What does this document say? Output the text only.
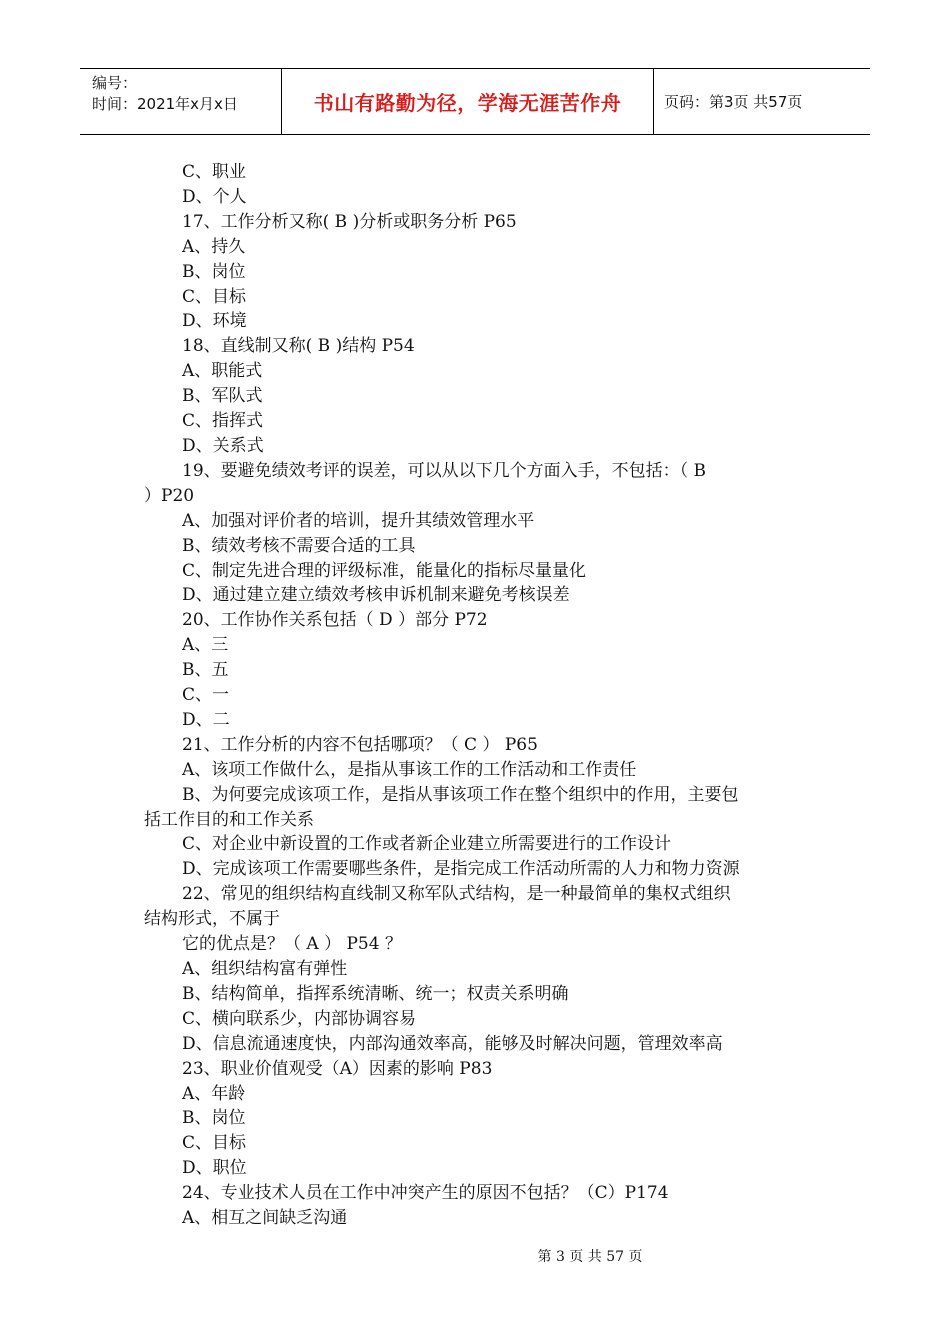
编号：
时间：2021年x月x日	书山有路勤为径，学海无涯苦作舟	页码：第3页 共57页
C、职业
D、个人
17、工作分析又称( B )分析或职务分析 P65
A、持久
B、岗位
C、目标
D、环境
18、直线制又称( B )结构 P54
A、职能式
B、军队式
C、指挥式
D、关系式
19、要避免绩效考评的误差，可以从以下几个方面入手，不包括：（ B
）P20
A、加强对评价者的培训，提升其绩效管理水平
B、绩效考核不需要合适的工具
C、制定先进合理的评级标准，能量化的指标尽量量化
D、通过建立建立绩效考核申诉机制来避免考核误差
20、工作协作关系包括（ D ）部分 P72
A、三
B、五
C、一
D、二
21、工作分析的内容不包括哪项？（ C ） P65
A、该项工作做什么，是指从事该工作的工作活动和工作责任
B、为何要完成该项工作，是指从事该项工作在整个组织中的作用，主要包
括工作目的和工作关系
C、对企业中新设置的工作或者新企业建立所需要进行的工作设计
D、完成该项工作需要哪些条件，是指完成工作活动所需的人力和物力资源
22、常见的组织结构直线制又称军队式结构，是一种最简单的集权式组织
结构形式，不属于
它的优点是？（ A ） P54 ？
A、组织结构富有弹性
B、结构简单，指挥系统清晰、统一；权责关系明确
C、横向联系少，内部协调容易
D、信息流通速度快，内部沟通效率高，能够及时解决问题，管理效率高
23、职业价值观受（A）因素的影响 P83
A、年龄
B、岗位
C、目标
D、职位
24、专业技术人员在工作中冲突产生的原因不包括？（C）P174
A、相互之间缺乏沟通
第 3 页 共 57 页
